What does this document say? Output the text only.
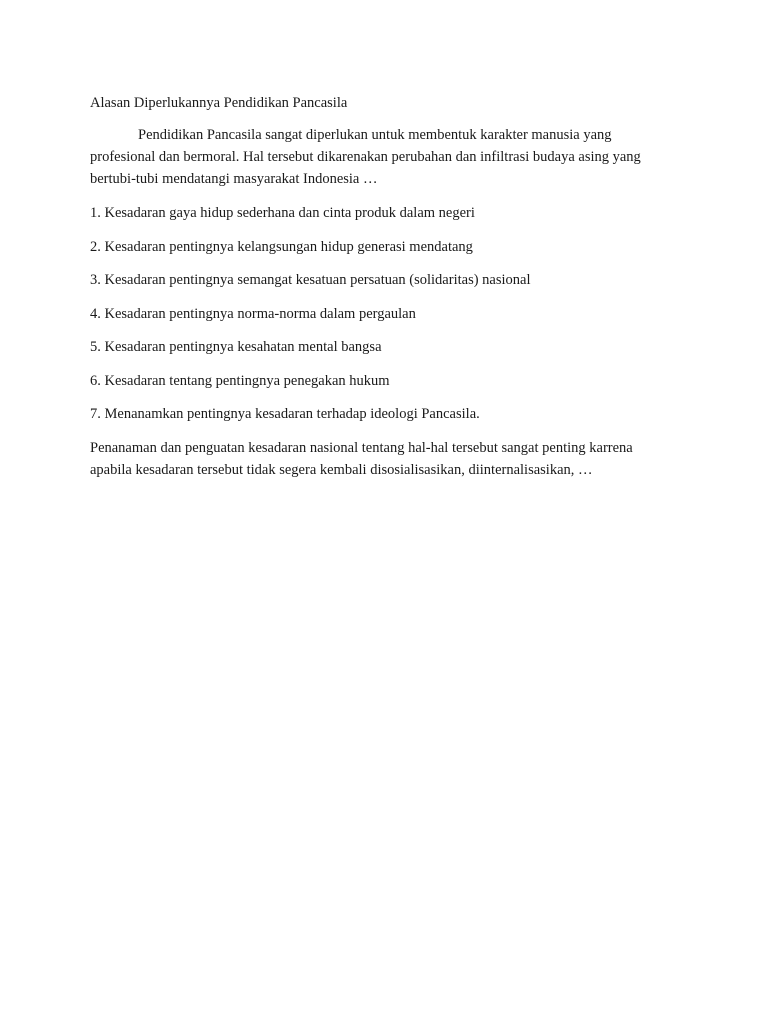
Alasan Diperlukannya Pendidikan Pancasila

Pendidikan Pancasila sangat diperlukan untuk membentuk karakter manusia yang profesional dan bermoral. Hal tersebut dikarenakan perubahan dan infiltrasi budaya asing yang bertubi-tubi mendatangi masyarakat Indonesia …

1. Kesadaran gaya hidup sederhana dan cinta produk dalam negeri
2. Kesadaran pentingnya kelangsungan hidup generasi mendatang
3. Kesadaran pentingnya semangat kesatuan persatuan (solidaritas) nasional
4. Kesadaran pentingnya norma-norma dalam pergaulan
5. Kesadaran pentingnya kesahatan mental bangsa
6. Kesadaran tentang pentingnya penegakan hukum
7. Menanamkan pentingnya kesadaran terhadap ideologi Pancasila.

Penanaman dan penguatan kesadaran nasional tentang hal-hal tersebut sangat penting karrena apabila kesadaran tersebut tidak segera kembali disosialisasikan, diinternalisasikan, …
